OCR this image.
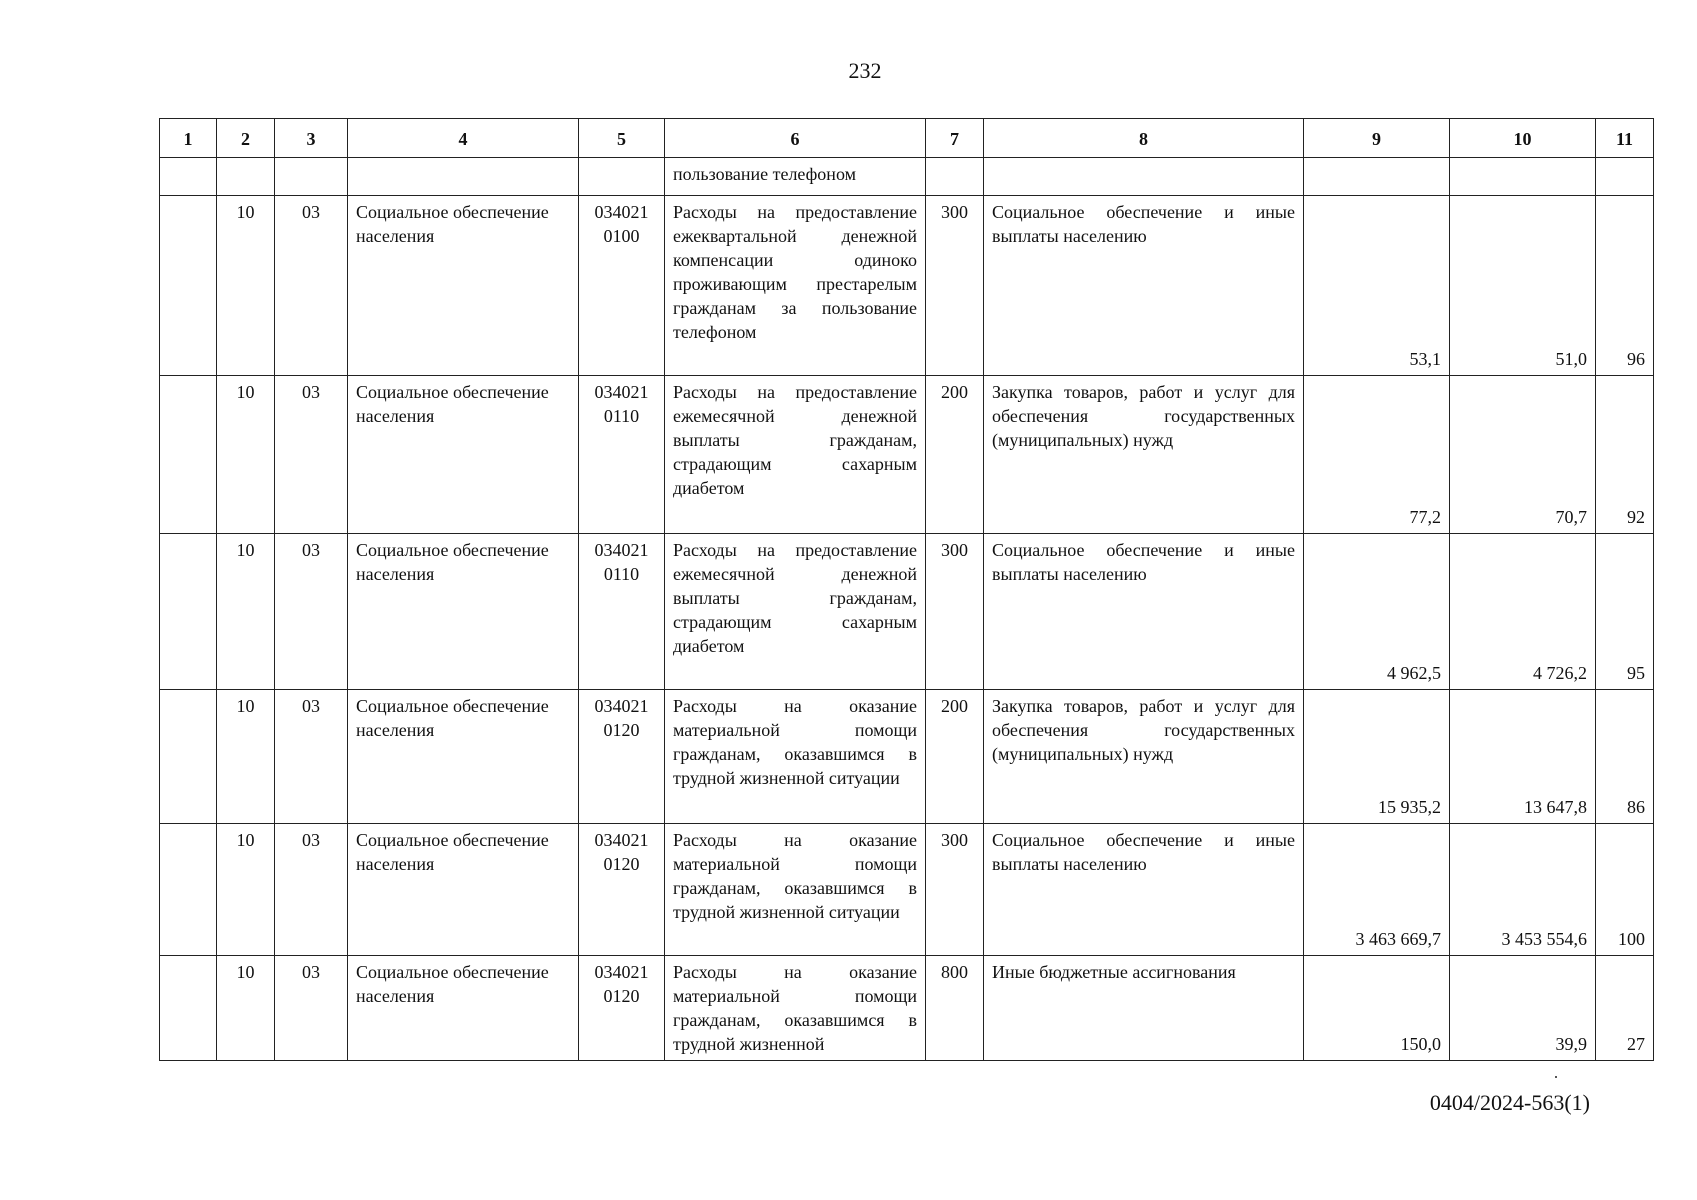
232
1	2	3	4	5	6	7	8	9	10	11
					пользование телефоном					
	10	03	Социальное обеспечение населения	034021 0100	Расходы на предоставление ежеквартальной денежной компенсации одиноко проживающим престарелым гражданам за пользование телефоном	300	Социальное обеспечение и иные выплаты населению	53,1	51,0	96
	10	03	Социальное обеспечение населения	034021 0110	Расходы на предоставление ежемесячной денежной выплаты гражданам, страдающим сахарным диабетом	200	Закупка товаров, работ и услуг для обеспечения государственных (муниципальных) нужд	77,2	70,7	92
	10	03	Социальное обеспечение населения	034021 0110	Расходы на предоставление ежемесячной денежной выплаты гражданам, страдающим сахарным диабетом	300	Социальное обеспечение и иные выплаты населению	4 962,5	4 726,2	95
	10	03	Социальное обеспечение населения	034021 0120	Расходы на оказание материальной помощи гражданам, оказавшимся в трудной жизненной ситуации	200	Закупка товаров, работ и услуг для обеспечения государственных (муниципальных) нужд	15 935,2	13 647,8	86
	10	03	Социальное обеспечение населения	034021 0120	Расходы на оказание материальной помощи гражданам, оказавшимся в трудной жизненной ситуации	300	Социальное обеспечение и иные выплаты населению	3 463 669,7	3 453 554,6	100
	10	03	Социальное обеспечение населения	034021 0120	Расходы на оказание материальной помощи гражданам, оказавшимся в трудной жизненной	800	Иные бюджетные ассигнования	150,0	39,9	27
0404/2024-563(1)
